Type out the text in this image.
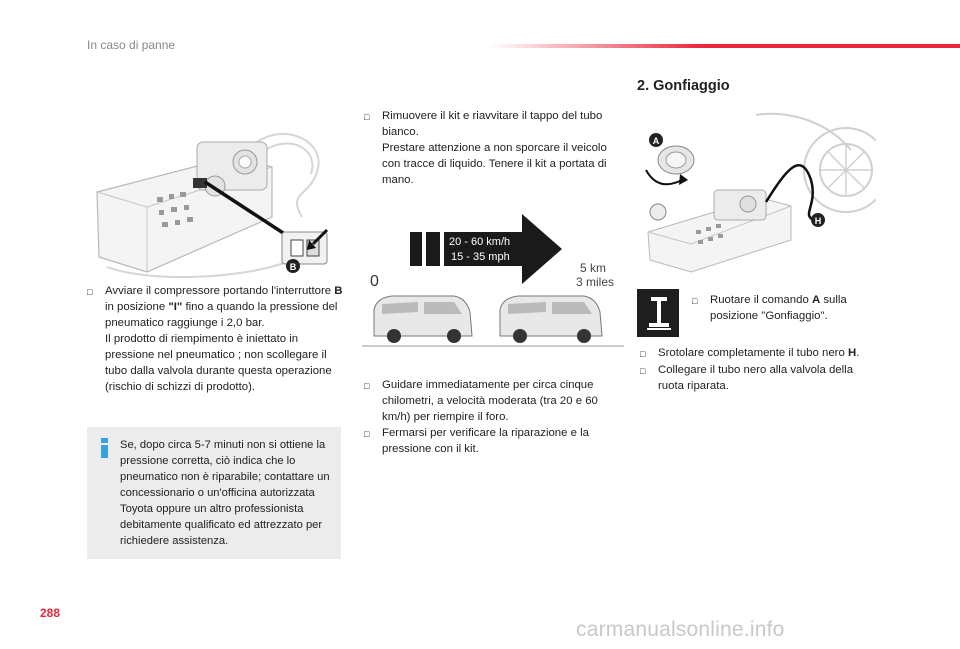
In caso di panne
B
□	Avviare il compressore portando l'interruttore B in posizione "I" fino a quando la pressione del pneumatico raggiunge i 2,0 bar.
Il prodotto di riempimento è iniettato in pressione nel pneumatico ; non scollegare il tubo dalla valvola durante questa operazione (rischio di schizzi di prodotto).
Se, dopo circa 5-7 minuti non si ottiene la pressione corretta, ciò indica che lo pneumatico non è riparabile; contattare un concessionario o un'officina autorizzata Toyota oppure un altro professionista debitamente qualificato ed attrezzato per richiedere assistenza.
□	Rimuovere il kit e riavvitare il tappo del tubo bianco.
Prestare attenzione a non sporcare il veicolo con tracce di liquido. Tenere il kit a portata di mano.
20 - 60 km/h
15 - 35 mph
0
5 km
3 miles
□	Guidare immediatamente per circa cinque chilometri, a velocità moderata (tra 20 e 60 km/h) per riempire il foro.
□	Fermarsi per verificare la riparazione e la pressione con il kit.
2. Gonfiaggio
H
A
□	Ruotare il comando A sulla posizione "Gonfiaggio".
□	Srotolare completamente il tubo nero H.
□	Collegare il tubo nero alla valvola della ruota riparata.
288
carmanualsonline.info
